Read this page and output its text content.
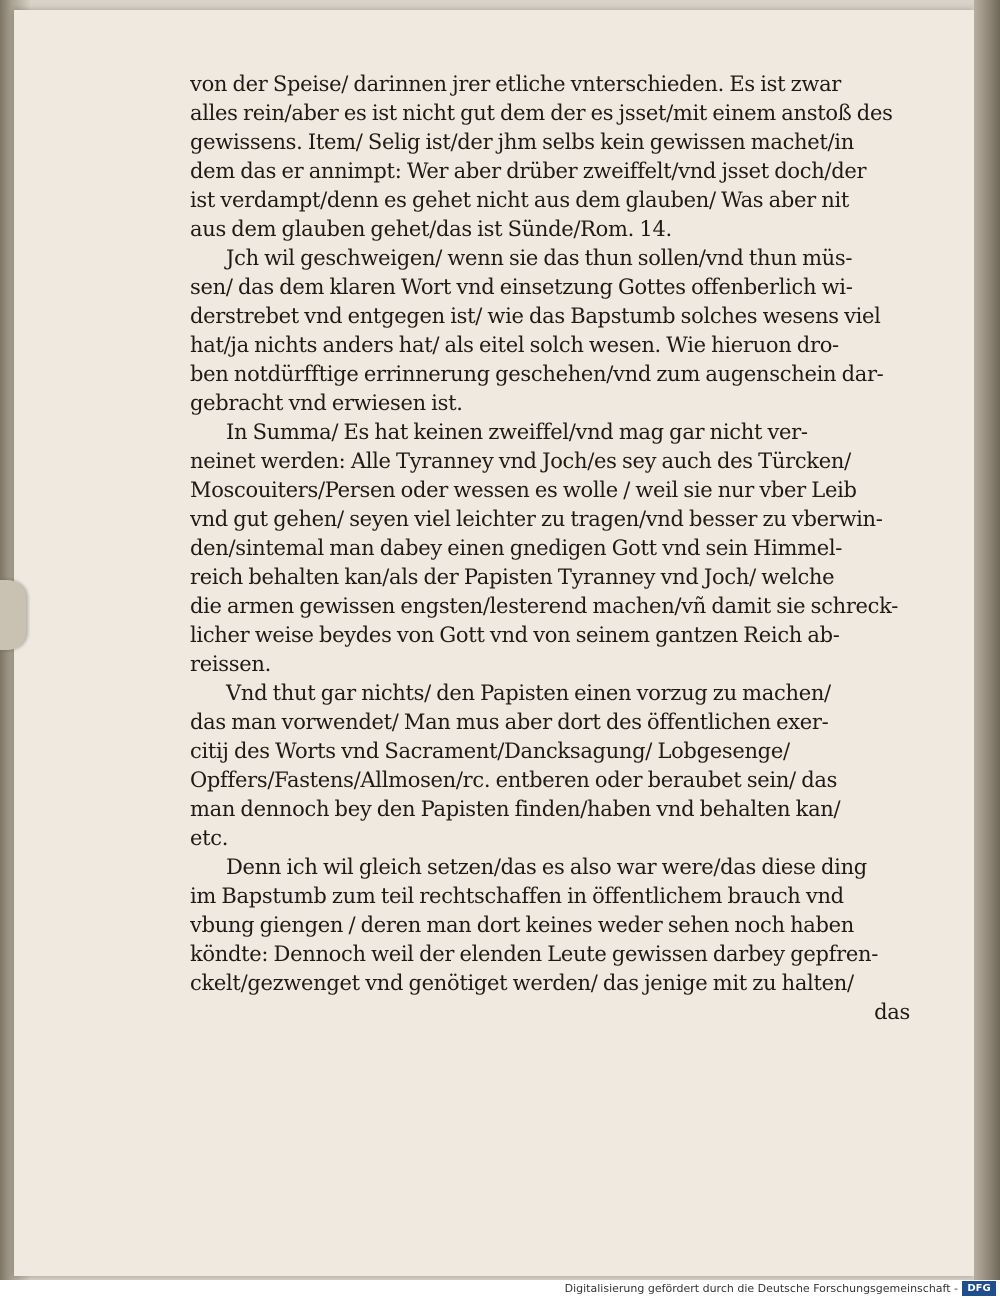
von der Speise/ darinnen jrer etliche vnterschieden. Es ist zwar
alles rein/aber es ist nicht gut dem der es jsset/mit einem anstoß des
gewissens. Item/ Selig ist/der jhm selbs kein gewissen machet/in
dem das er annimpt: Wer aber drüber zweiffelt/vnd jsset doch/der
ist verdampt/denn es gehet nicht aus dem glauben/ Was aber nit
aus dem glauben gehet/das ist Sünde/Rom. 14.
Jch wil geschweigen/ wenn sie das thun sollen/vnd thun müs-
sen/ das dem klaren Wort vnd einsetzung Gottes offenberlich wi-
derstrebet vnd entgegen ist/ wie das Bapstumb solches wesens viel
hat/ja nichts anders hat/ als eitel solch wesen. Wie hieruon dro-
ben notdürfftige errinnerung geschehen/vnd zum augenschein dar-
gebracht vnd erwiesen ist.
In Summa/ Es hat keinen zweiffel/vnd mag gar nicht ver-
neinet werden: Alle Tyranney vnd Joch/es sey auch des Türcken/
Moscouiters/Persen oder wessen es wolle / weil sie nur vber Leib
vnd gut gehen/ seyen viel leichter zu tragen/vnd besser zu vberwin-
den/sintemal man dabey einen gnedigen Gott vnd sein Himmel-
reich behalten kan/als der Papisten Tyranney vnd Joch/ welche
die armen gewissen engsten/lesterend machen/vñ damit sie schreck-
licher weise beydes von Gott vnd von seinem gantzen Reich ab-
reissen.
Vnd thut gar nichts/ den Papisten einen vorzug zu machen/
das man vorwendet/ Man mus aber dort des öffentlichen exer-
citij des Worts vnd Sacrament/Dancksagung/ Lobgesenge/
Opffers/Fastens/Allmosen/rc. entberen oder beraubet sein/ das
man dennoch bey den Papisten finden/haben vnd behalten kan/
etc.
Denn ich wil gleich setzen/das es also war were/das diese ding
im Bapstumb zum teil rechtschaffen in öffentlichem brauch vnd
vbung giengen / deren man dort keines weder sehen noch haben
köndte: Dennoch weil der elenden Leute gewissen darbey gepfren-
ckelt/gezwenget vnd genötiget werden/ das jenige mit zu halten/
das
Digitalisierung gefördert durch die Deutsche Forschungsgemeinschaft - DFG
